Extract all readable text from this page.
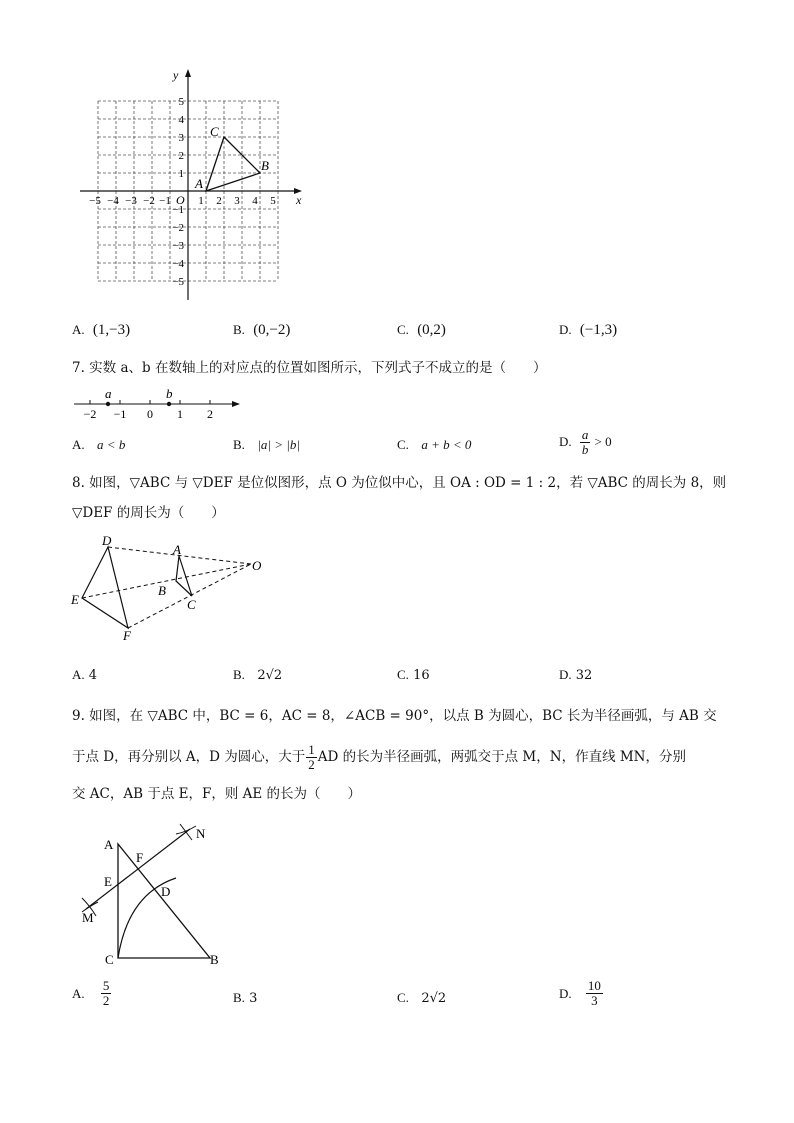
x
y
O
−5 −4 −3 −2 −1 1 2 3 4 5
5
4
3
2
1
−1
−2
−3
−4
−5
A
B
C
A. (1,−3)	B. (0,−2)	C. (0,2)	D. (−1,3)
7. 实数 a、b 在数轴上的对应点的位置如图所示，下列式子不成立的是（　　）
a	b
−2 −1 0 1 2
A. a < b	B. |a| > |b|	C. a + b < 0	D. $\frac{a}{b} > 0$
8. 如图，▽ABC 与 ▽DEF 是位似图形，点 O 为位似中心，且 OA : OD = 1 : 2，若 ▽ABC 的周长为 8，则
▽DEF 的周长为（　　）
D
A
O
E
B
C
F
A. 4	B. 2√2	C. 16	D. 32
9. 如图，在 ▽ABC 中，BC = 6，AC = 8，∠ACB = 90°，以点 B 为圆心，BC 长为半径画弧，与 AB 交
于点 D，再分别以 A，D 为圆心，大于 $\frac{1}{2}$ AD 的长为半径画弧，两弧交于点 M，N，作直线 MN，分别
交 AC，AB 于点 E，F，则 AE 的长为（　　）
A
N
F
E
D
M
C	B
A.
$\frac{5}{2}$	B. 3	C. 2√2	D.
$\frac{10}{3}$
